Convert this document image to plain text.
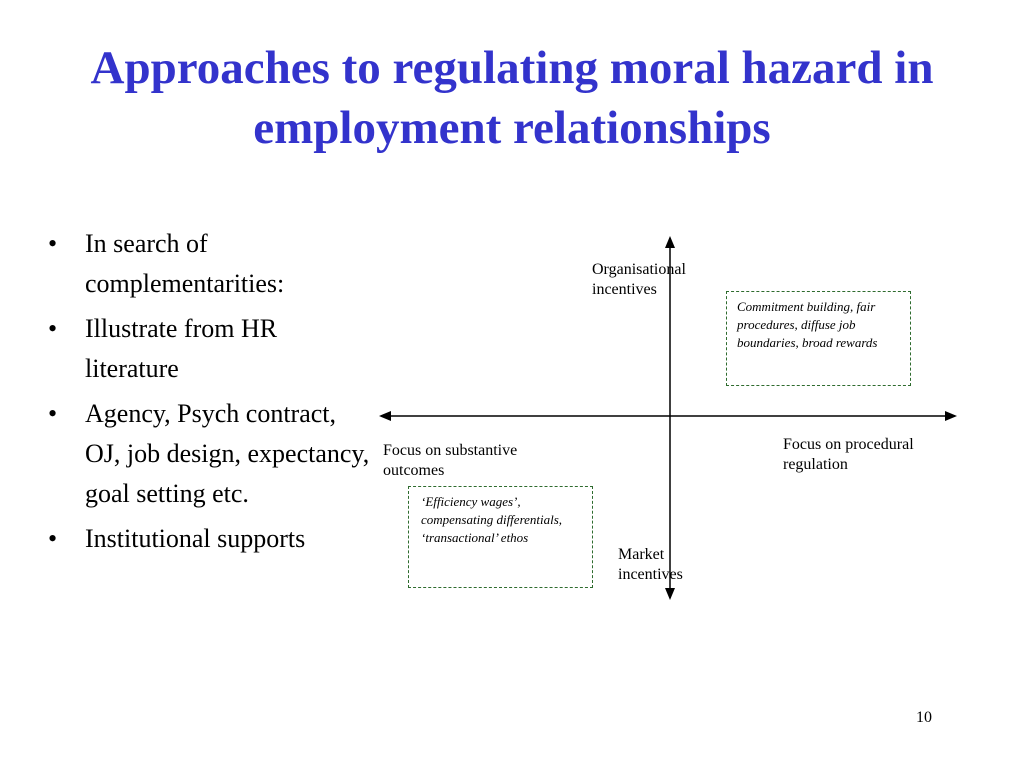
Approaches to regulating moral hazard in employment relationships
• In search of complementarities:
• Illustrate from HR literature
• Agency, Psych contract, OJ, job design, expectancy, goal setting etc.
• Institutional supports
Organisational incentives
Market incentives
Focus on substantive outcomes
Focus on procedural regulation
Commitment building, fair procedures, diffuse job boundaries, broad rewards
‘Efficiency wages’, compensating differentials, ‘transactional’ ethos
10
